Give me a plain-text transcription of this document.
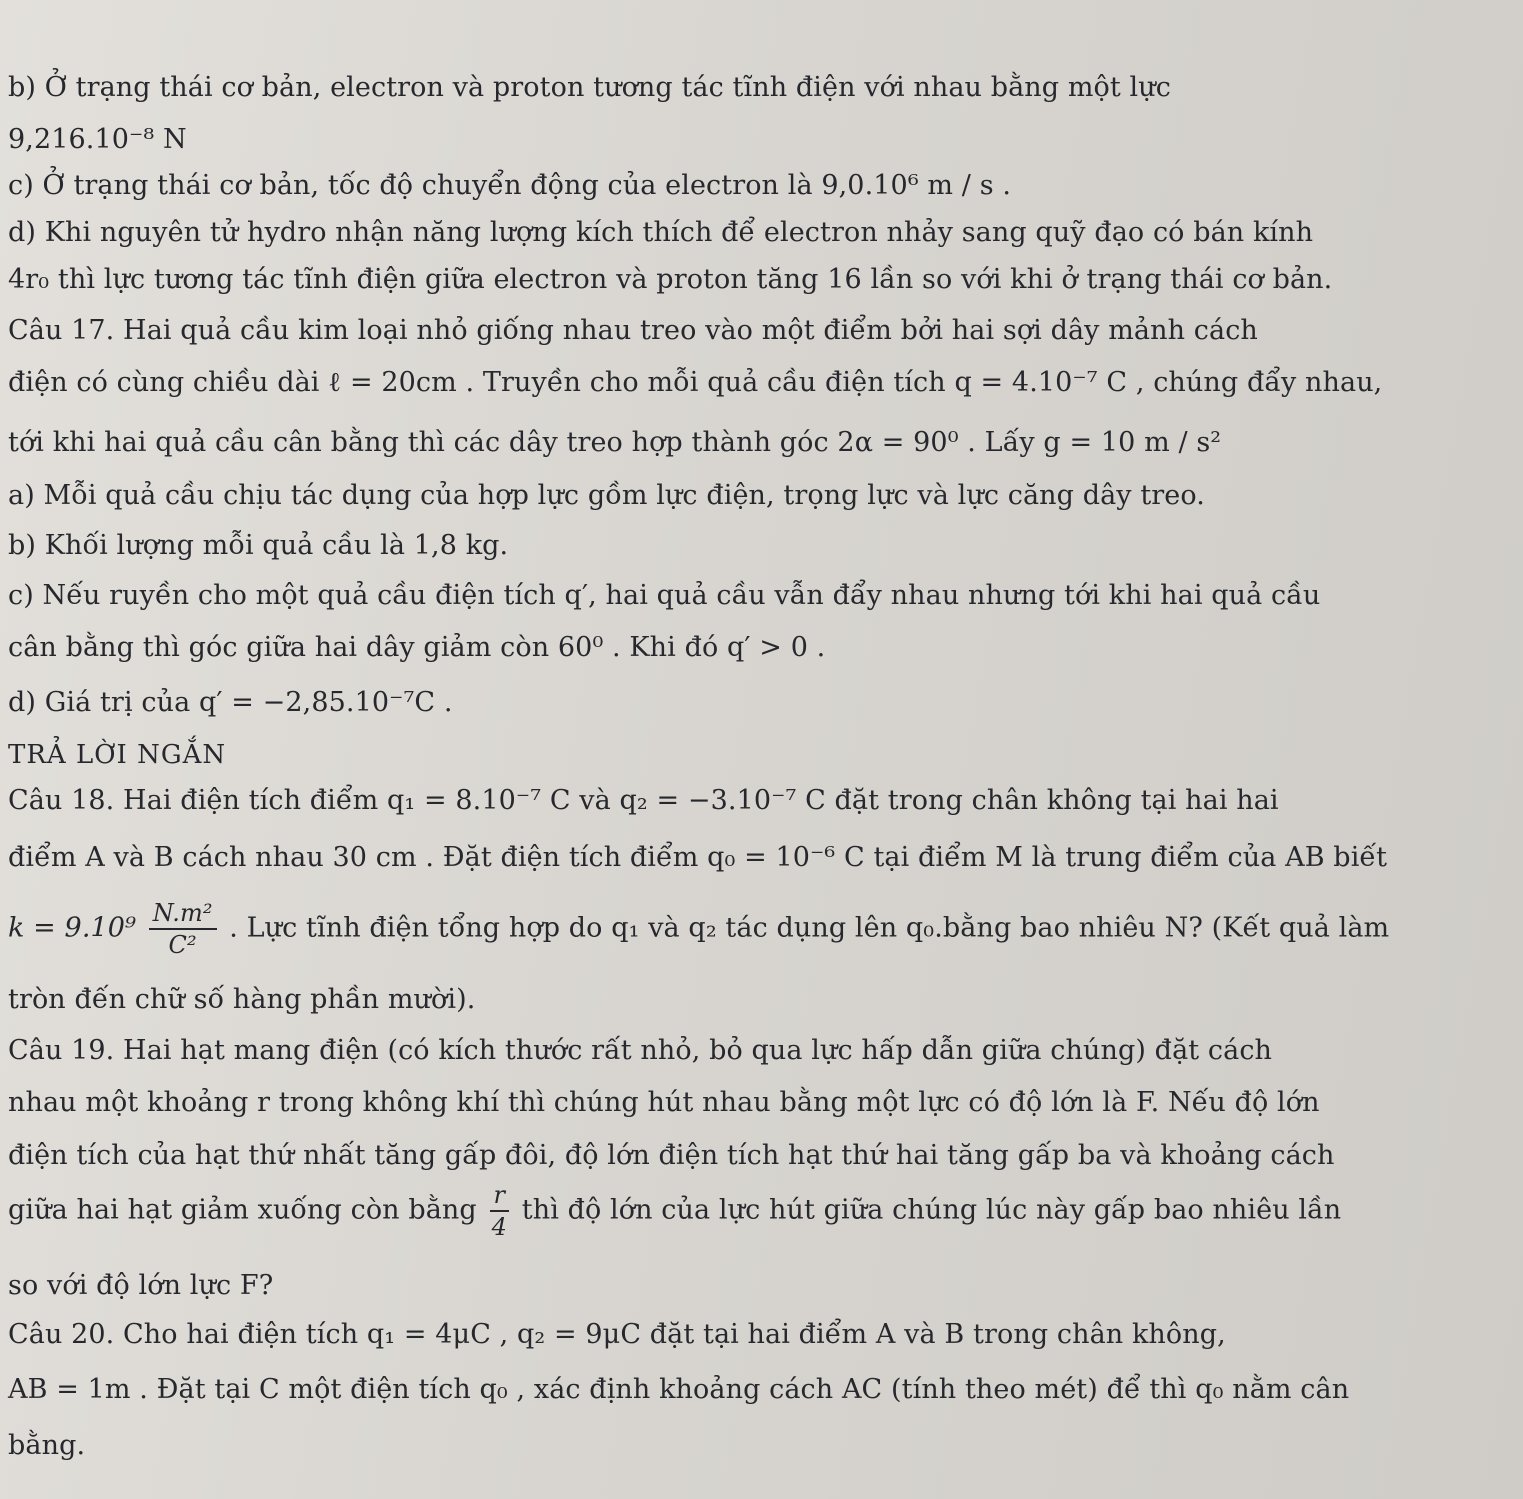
b) Ở trạng thái cơ bản, electron và proton tương tác tĩnh điện với nhau bằng một lực
9,216.10⁻⁸ N
c) Ở trạng thái cơ bản, tốc độ chuyển động của electron là 9,0.10⁶ m / s .
d) Khi nguyên tử hydro nhận năng lượng kích thích để electron nhảy sang quỹ đạo có bán kính
4r₀ thì lực tương tác tĩnh điện giữa electron và proton tăng 16 lần so với khi ở trạng thái cơ bản.
Câu 17. Hai quả cầu kim loại nhỏ giống nhau treo vào một điểm bởi hai sợi dây mảnh cách
điện có cùng chiều dài ℓ = 20cm . Truyền cho mỗi quả cầu điện tích q = 4.10⁻⁷ C , chúng đẩy nhau,
tới khi hai quả cầu cân bằng thì các dây treo hợp thành góc 2α = 90⁰ . Lấy g = 10 m / s²
a) Mỗi quả cầu chịu tác dụng của hợp lực gồm lực điện, trọng lực và lực căng dây treo.
b) Khối lượng mỗi quả cầu là 1,8 kg.
c) Nếu ruyền cho một quả cầu điện tích q′, hai quả cầu vẫn đẩy nhau nhưng tới khi hai quả cầu
cân bằng thì góc giữa hai dây giảm còn 60⁰ . Khi đó q′ > 0 .
d) Giá trị của q′ = −2,85.10⁻⁷C .
TRẢ LỜI NGẮN
Câu 18. Hai điện tích điểm q₁ = 8.10⁻⁷ C và q₂ = −3.10⁻⁷ C đặt trong chân không tại hai hai
điểm A và B cách nhau 30 cm . Đặt điện tích điểm q₀ = 10⁻⁶ C tại điểm M là trung điểm của AB biết
$k = 9.10^9 \frac{\text{N.m²}}{\text{C²}}$ . Lực tĩnh điện tổng hợp do q₁ và q₂ tác dụng lên q₀.bằng bao nhiêu N? (Kết quả làm
tròn đến chữ số hàng phần mười).
Câu 19. Hai hạt mang điện (có kích thước rất nhỏ, bỏ qua lực hấp dẫn giữa chúng) đặt cách
nhau một khoảng r trong không khí thì chúng hút nhau bằng một lực có độ lớn là F. Nếu độ lớn
điện tích của hạt thứ nhất tăng gấp đôi, độ lớn điện tích hạt thứ hai tăng gấp ba và khoảng cách
giữa hai hạt giảm xuống còn bằng $\frac{r}{4}$ thì độ lớn của lực hút giữa chúng lúc này gấp bao nhiêu lần
so với độ lớn lực F?
Câu 20. Cho hai điện tích q₁ = 4μC , q₂ = 9μC đặt tại hai điểm A và B trong chân không,
AB = 1m . Đặt tại C một điện tích q₀ , xác định khoảng cách AC (tính theo mét) để thì q₀ nằm cân
bằng.
